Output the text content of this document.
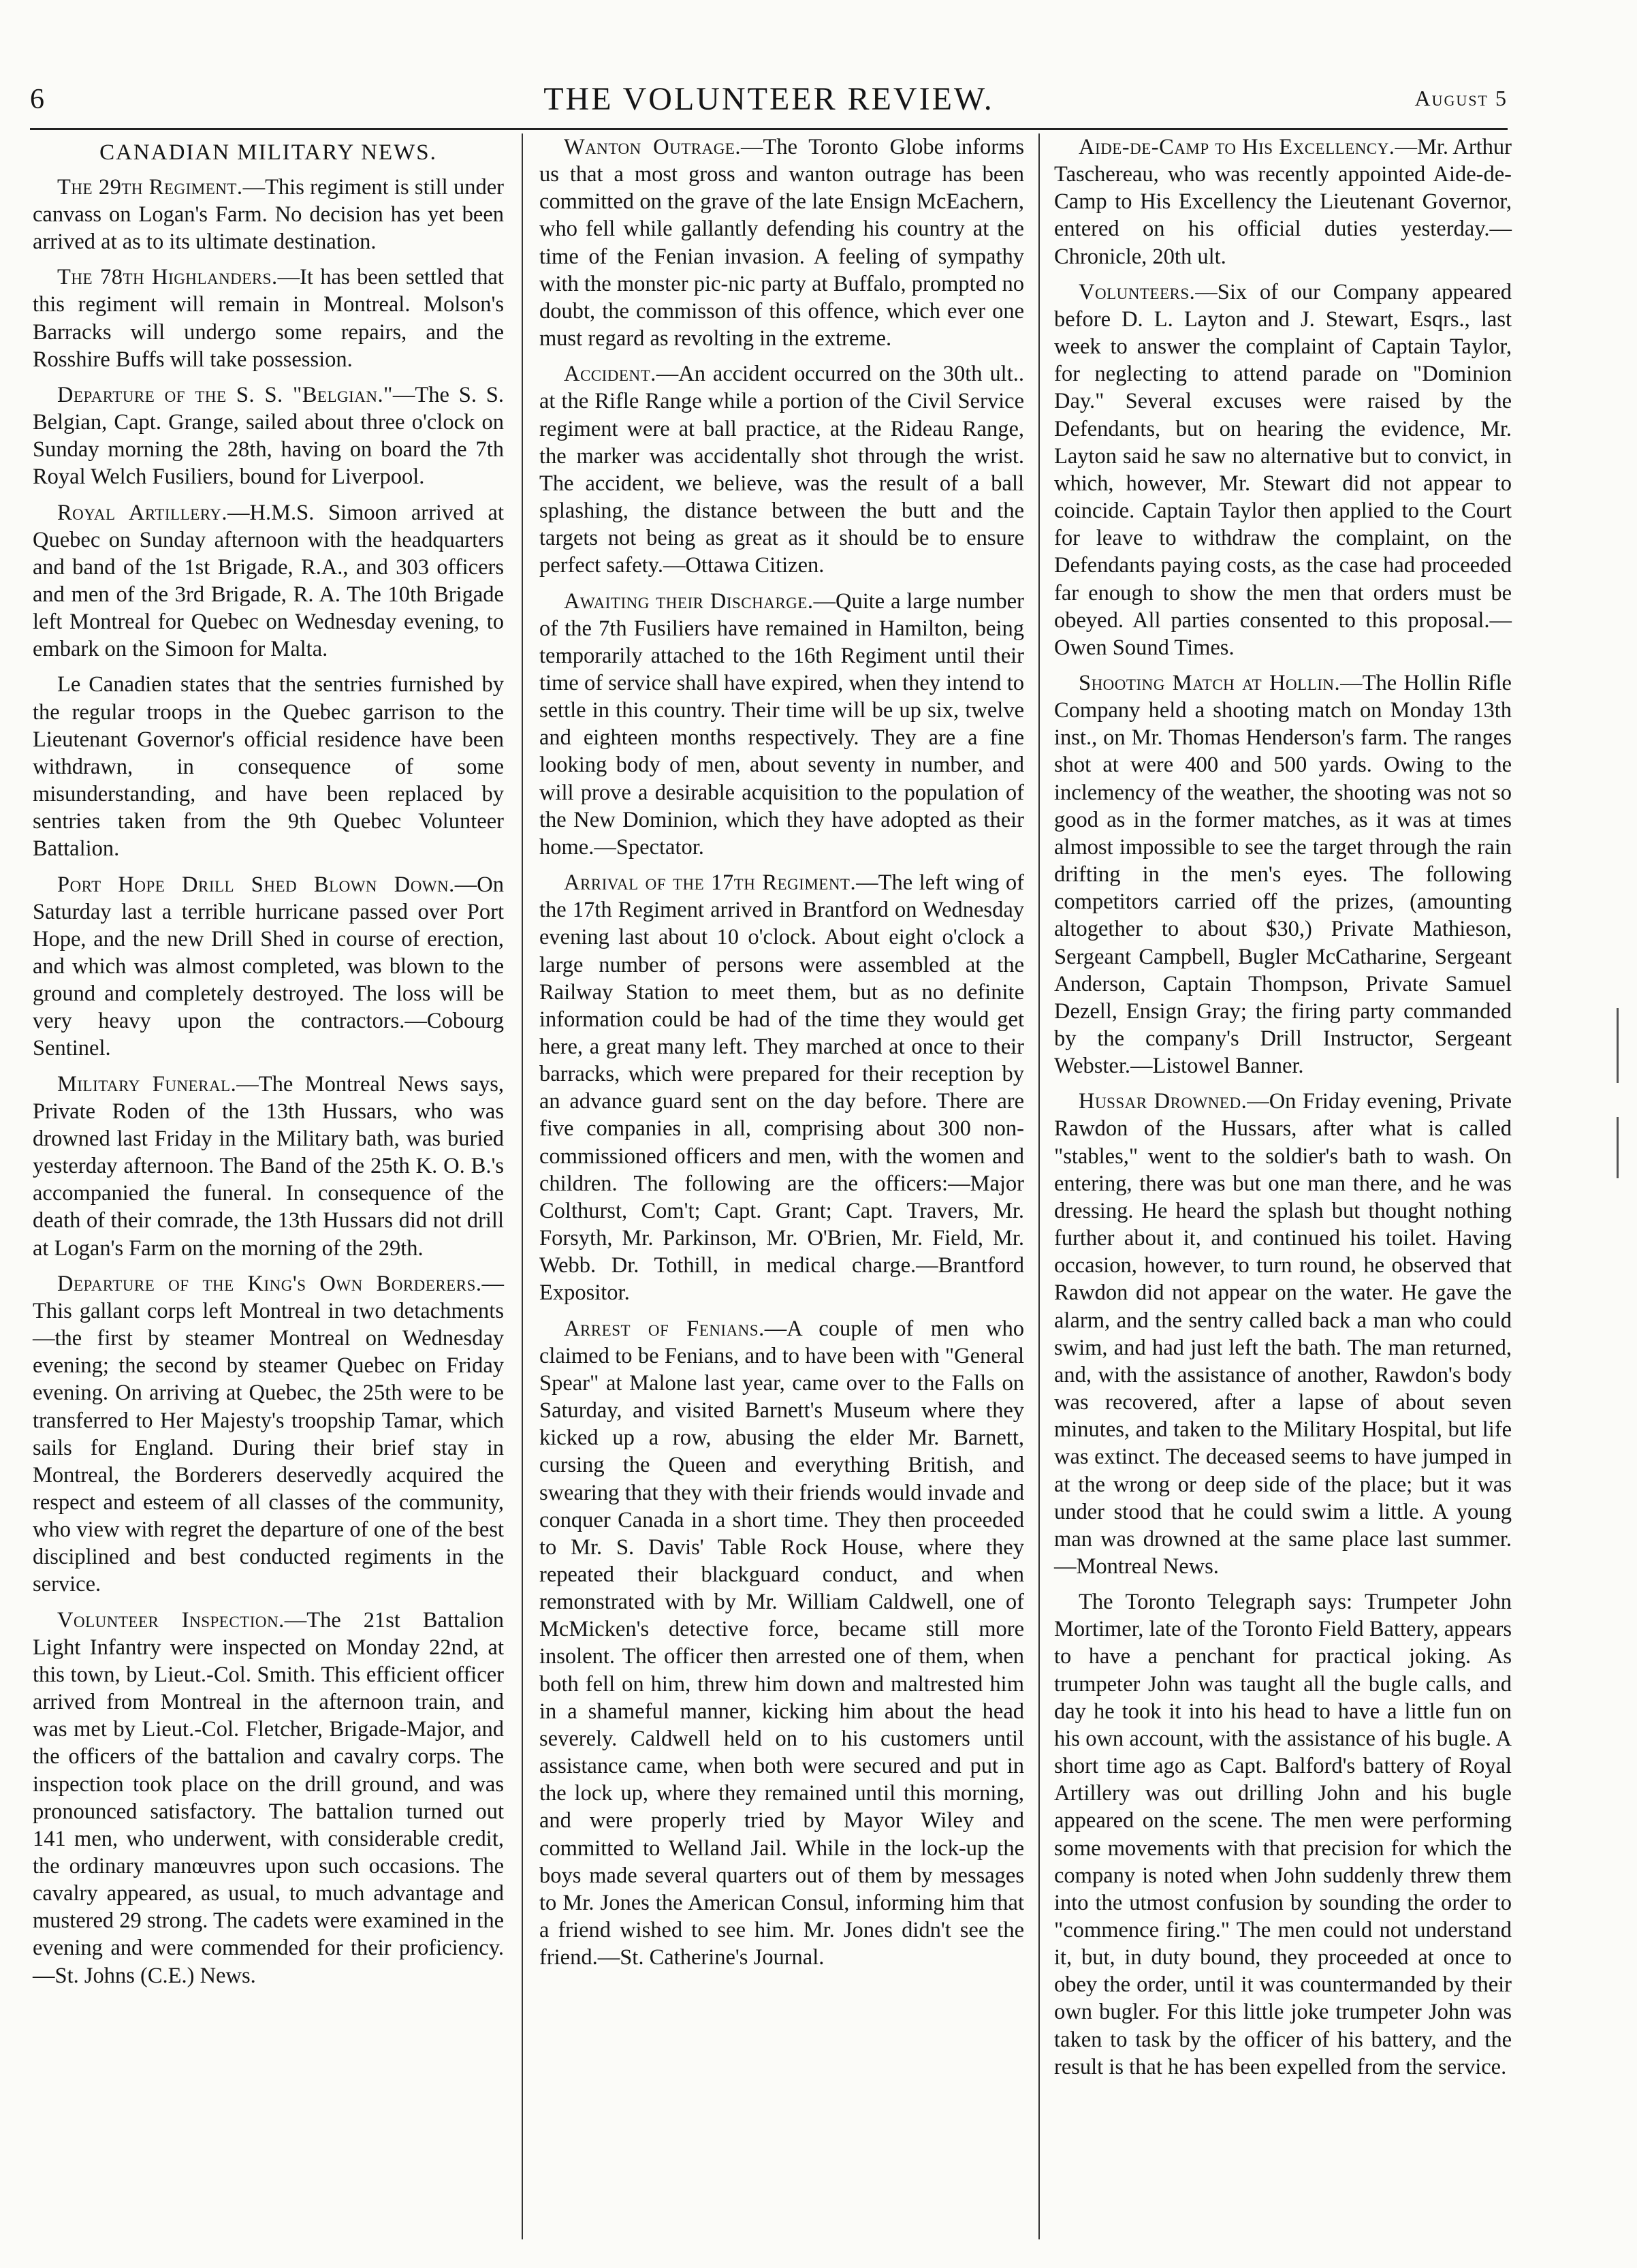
6	THE VOLUNTEER REVIEW.	August 5
CANADIAN MILITARY NEWS.

The 29th Regiment.—This regiment is still under canvass on Logan's Farm. No decision has yet been arrived at as to its ultimate destination.

The 78th Highlanders.—It has been settled that this regiment will remain in Montreal. Molson's Barracks will undergo some repairs, and the Rosshire Buffs will take possession.

Departure of the S. S. "Belgian."—The S. S. Belgian, Capt. Grange, sailed about three o'clock on Sunday morning the 28th, having on board the 7th Royal Welch Fusiliers, bound for Liverpool.

Royal Artillery.—H.M.S. Simoon arrived at Quebec on Sunday afternoon with the headquarters and band of the 1st Brigade, R.A., and 303 officers and men of the 3rd Brigade, R. A. The 10th Brigade left Montreal for Quebec on Wednesday evening, to embark on the Simoon for Malta.

Le Canadien states that the sentries furnished by the regular troops in the Quebec garrison to the Lieutenant Governor's official residence have been withdrawn, in consequence of some misunderstanding, and have been replaced by sentries taken from the 9th Quebec Volunteer Battalion.

Port Hope Drill Shed Blown Down.—On Saturday last a terrible hurricane passed over Port Hope, and the new Drill Shed in course of erection, and which was almost completed, was blown to the ground and completely destroyed. The loss will be very heavy upon the contractors.—Cobourg Sentinel.

Military Funeral.—The Montreal News says, Private Roden of the 13th Hussars, who was drowned last Friday in the Military bath, was buried yesterday afternoon. The Band of the 25th K. O. B.'s accompanied the funeral. In consequence of the death of their comrade, the 13th Hussars did not drill at Logan's Farm on the morning of the 29th.

Departure of the King's Own Borderers.—This gallant corps left Montreal in two detachments—the first by steamer Montreal on Wednesday evening; the second by steamer Quebec on Friday evening. On arriving at Quebec, the 25th were to be transferred to Her Majesty's troopship Tamar, which sails for England. During their brief stay in Montreal, the Borderers deservedly acquired the respect and esteem of all classes of the community, who view with regret the departure of one of the best disciplined and best conducted regiments in the service.

Volunteer Inspection.—The 21st Battalion Light Infantry were inspected on Monday 22nd, at this town, by Lieut.-Col. Smith. This efficient officer arrived from Montreal in the afternoon train, and was met by Lieut.-Col. Fletcher, Brigade-Major, and the officers of the battalion and cavalry corps. The inspection took place on the drill ground, and was pronounced satisfactory. The battalion turned out 141 men, who underwent, with considerable credit, the ordinary manœuvres upon such occasions. The cavalry appeared, as usual, to much advantage and mustered 29 strong. The cadets were examined in the evening and were commended for their proficiency.—St. Johns (C.E.) News.

Wanton Outrage.—The Toronto Globe informs us that a most gross and wanton outrage has been committed on the grave of the late Ensign McEachern, who fell while gallantly defending his country at the time of the Fenian invasion. A feeling of sympathy with the monster pic-nic party at Buffalo, prompted no doubt, the commisson of this offence, which ever one must regard as revolting in the extreme.

Accident.—An accident occurred on the 30th ult.. at the Rifle Range while a portion of the Civil Service regiment were at ball practice, at the Rideau Range, the marker was accidentally shot through the wrist. The accident, we believe, was the result of a ball splashing, the distance between the butt and the targets not being as great as it should be to ensure perfect safety.—Ottawa Citizen.

Awaiting their Discharge.—Quite a large number of the 7th Fusiliers have remained in Hamilton, being temporarily attached to the 16th Regiment until their time of service shall have expired, when they intend to settle in this country. Their time will be up six, twelve and eighteen months respectively. They are a fine looking body of men, about seventy in number, and will prove a desirable acquisition to the population of the New Dominion, which they have adopted as their home.—Spectator.

Arrival of the 17th Regiment.—The left wing of the 17th Regiment arrived in Brantford on Wednesday evening last about 10 o'clock. About eight o'clock a large number of persons were assembled at the Railway Station to meet them, but as no definite information could be had of the time they would get here, a great many left. They marched at once to their barracks, which were prepared for their reception by an advance guard sent on the day before. There are five companies in all, comprising about 300 non-commissioned officers and men, with the women and children. The following are the officers:—Major Colthurst, Com't; Capt. Grant; Capt. Travers, Mr. Forsyth, Mr. Parkinson, Mr. O'Brien, Mr. Field, Mr. Webb. Dr. Tothill, in medical charge.—Brantford Expositor.

Arrest of Fenians.—A couple of men who claimed to be Fenians, and to have been with "General Spear" at Malone last year, came over to the Falls on Saturday, and visited Barnett's Museum where they kicked up a row, abusing the elder Mr. Barnett, cursing the Queen and everything British, and swearing that they with their friends would invade and conquer Canada in a short time. They then proceeded to Mr. S. Davis' Table Rock House, where they repeated their blackguard conduct, and when remonstrated with by Mr. William Caldwell, one of McMicken's detective force, became still more insolent. The officer then arrested one of them, when both fell on him, threw him down and maltrested him in a shameful manner, kicking him about the head severely. Caldwell held on to his customers until assistance came, when both were secured and put in the lock up, where they remained until this morning, and were properly tried by Mayor Wiley and committed to Welland Jail. While in the lock-up the boys made several quarters out of them by messages to Mr. Jones the American Consul, informing him that a friend wished to see him. Mr. Jones didn't see the friend.—St. Catherine's Journal.

Aide-de-Camp to His Excellency.—Mr. Arthur Taschereau, who was recently appointed Aide-de-Camp to His Excellency the Lieutenant Governor, entered on his official duties yesterday.—Chronicle, 20th ult.

Volunteers.—Six of our Company appeared before D. L. Layton and J. Stewart, Esqrs., last week to answer the complaint of Captain Taylor, for neglecting to attend parade on "Dominion Day." Several excuses were raised by the Defendants, but on hearing the evidence, Mr. Layton said he saw no alternative but to convict, in which, however, Mr. Stewart did not appear to coincide. Captain Taylor then applied to the Court for leave to withdraw the complaint, on the Defendants paying costs, as the case had proceeded far enough to show the men that orders must be obeyed. All parties consented to this proposal.—Owen Sound Times.

Shooting Match at Hollin.—The Hollin Rifle Company held a shooting match on Monday 13th inst., on Mr. Thomas Henderson's farm. The ranges shot at were 400 and 500 yards. Owing to the inclemency of the weather, the shooting was not so good as in the former matches, as it was at times almost impossible to see the target through the rain drifting in the men's eyes. The following competitors carried off the prizes, (amounting altogether to about $30,) Private Mathieson, Sergeant Campbell, Bugler McCatharine, Sergeant Anderson, Captain Thompson, Private Samuel Dezell, Ensign Gray; the firing party commanded by the company's Drill Instructor, Sergeant Webster.—Listowel Banner.

Hussar Drowned.—On Friday evening, Private Rawdon of the Hussars, after what is called "stables," went to the soldier's bath to wash. On entering, there was but one man there, and he was dressing. He heard the splash but thought nothing further about it, and continued his toilet. Having occasion, however, to turn round, he observed that Rawdon did not appear on the water. He gave the alarm, and the sentry called back a man who could swim, and had just left the bath. The man returned, and, with the assistance of another, Rawdon's body was recovered, after a lapse of about seven minutes, and taken to the Military Hospital, but life was extinct. The deceased seems to have jumped in at the wrong or deep side of the place; but it was under stood that he could swim a little. A young man was drowned at the same place last summer.—Montreal News.

The Toronto Telegraph says: Trumpeter John Mortimer, late of the Toronto Field Battery, appears to have a penchant for practical joking. As trumpeter John was taught all the bugle calls, and day he took it into his head to have a little fun on his own account, with the assistance of his bugle. A short time ago as Capt. Balford's battery of Royal Artillery was out drilling John and his bugle appeared on the scene. The men were performing some movements with that precision for which the company is noted when John suddenly threw them into the utmost confusion by sounding the order to "commence firing." The men could not understand it, but, in duty bound, they proceeded at once to obey the order, until it was countermanded by their own bugler. For this little joke trumpeter John was taken to task by the officer of his battery, and the result is that he has been expelled from the service.
